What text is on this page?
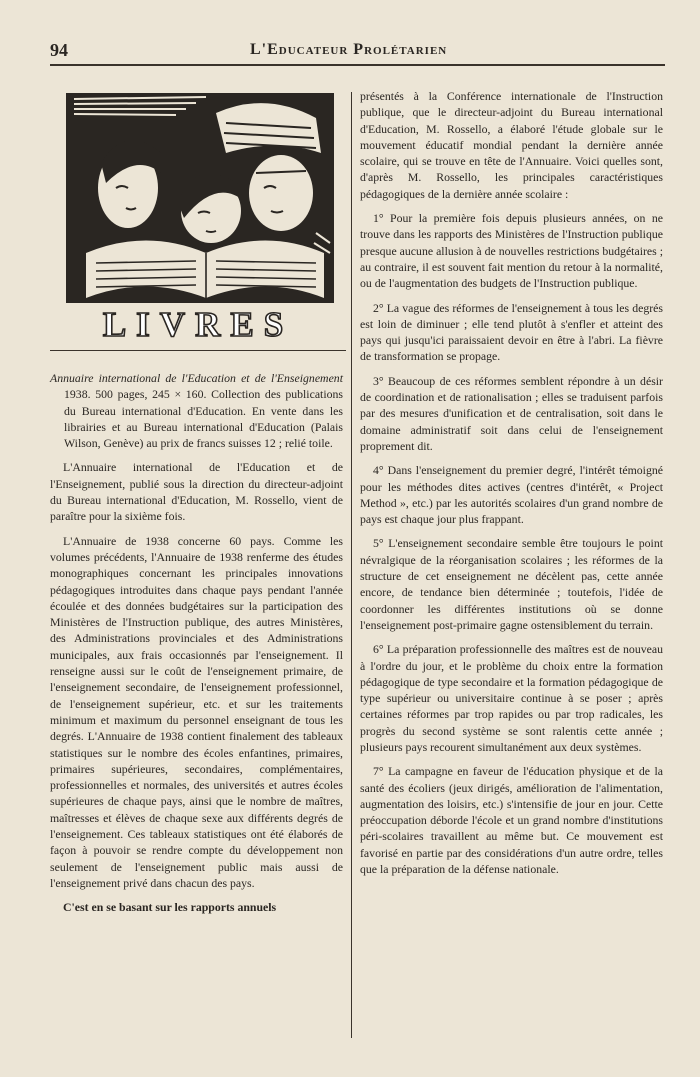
94	L'Educateur Prolétarien
LIVRES
Annuaire international de l'Education et de l'Enseignement 1938. 500 pages, 245 × 160. Collection des publications du Bureau international d'Education. En vente dans les librairies et au Bureau international d'Education (Palais Wilson, Genève) au prix de francs suisses 12 ; relié toile.

L'Annuaire international de l'Education et de l'Enseignement, publié sous la direction du directeur-adjoint du Bureau international d'Education, M. Rossello, vient de paraître pour la sixième fois.

L'Annuaire de 1938 concerne 60 pays. Comme les volumes précédents, l'Annuaire de 1938 renferme des études monographiques concernant les principales innovations pédagogiques introduites dans chaque pays pendant l'année écoulée et des données budgétaires sur la participation des Ministères de l'Instruction publique, des autres Ministères, des Administrations provinciales et des Administrations municipales, aux frais occasionnés par l'enseignement. Il renseigne aussi sur le coût de l'enseignement primaire, de l'enseignement secondaire, de l'enseignement professionnel, de l'enseignement supérieur, etc. et sur les traitements minimum et maximum du personnel enseignant de tous les degrés. L'Annuaire de 1938 contient finalement des tableaux statistiques sur le nombre des écoles enfantines, primaires, primaires supérieures, secondaires, complémentaires, professionnelles et normales, des universités et autres écoles supérieures de chaque pays, ainsi que le nombre de maîtres, maîtresses et élèves de chaque sexe aux différents degrés de l'enseignement. Ces tableaux statistiques ont été élaborés de façon à pouvoir se rendre compte du développement non seulement de l'enseignement public mais aussi de l'enseignement privé dans chacun des pays.

C'est en se basant sur les rapports annuels

présentés à la Conférence internationale de l'Instruction publique, que le directeur-adjoint du Bureau international d'Education, M. Rossello, a élaboré l'étude globale sur le mouvement éducatif mondial pendant la dernière année scolaire, qui se trouve en tête de l'Annuaire. Voici quelles sont, d'après M. Rossello, les principales caractéristiques pédagogiques de la dernière année scolaire :

1° Pour la première fois depuis plusieurs années, on ne trouve dans les rapports des Ministères de l'Instruction publique presque aucune allusion à de nouvelles restrictions budgétaires ; au contraire, il est souvent fait mention du retour à la normalité, ou de l'augmentation des budgets de l'Instruction publique.

2° La vague des réformes de l'enseignement à tous les degrés est loin de diminuer ; elle tend plutôt à s'enfler et atteint des pays qui jusqu'ici paraissaient devoir en être à l'abri. La fièvre de transformation se propage.

3° Beaucoup de ces réformes semblent répondre à un désir de coordination et de rationalisation ; elles se traduisent parfois par des mesures d'unification et de centralisation, soit dans le domaine administratif soit dans celui de l'enseignement proprement dit.

4° Dans l'enseignement du premier degré, l'intérêt témoigné pour les méthodes dites actives (centres d'intérêt, « Project Method », etc.) par les autorités scolaires d'un grand nombre de pays est chaque jour plus frappant.

5° L'enseignement secondaire semble être toujours le point névralgique de la réorganisation scolaires ; les réformes de la structure de cet enseignement ne décèlent pas, cette année encore, de tendance bien déterminée ; toutefois, l'idée de coordonner les différentes institutions où se donne l'enseignement post-primaire gagne ostensiblement du terrain.

6° La préparation professionnelle des maîtres est de nouveau à l'ordre du jour, et le problème du choix entre la formation pédagogique de type secondaire et la formation pédagogique de type supérieur ou universitaire continue à se poser ; après certaines réformes par trop rapides ou par trop radicales, les progrès du second système se sont ralentis cette année ; plusieurs pays recourent simultanément aux deux systèmes.

7° La campagne en faveur de l'éducation physique et de la santé des écoliers (jeux dirigés, amélioration de l'alimentation, augmentation des loisirs, etc.) s'intensifie de jour en jour. Cette préoccupation déborde l'école et un grand nombre d'institutions péri-scolaires travaillent au même but. Ce mouvement est favorisé en partie par des considérations d'un autre ordre, telles que la préparation de la défense nationale.
